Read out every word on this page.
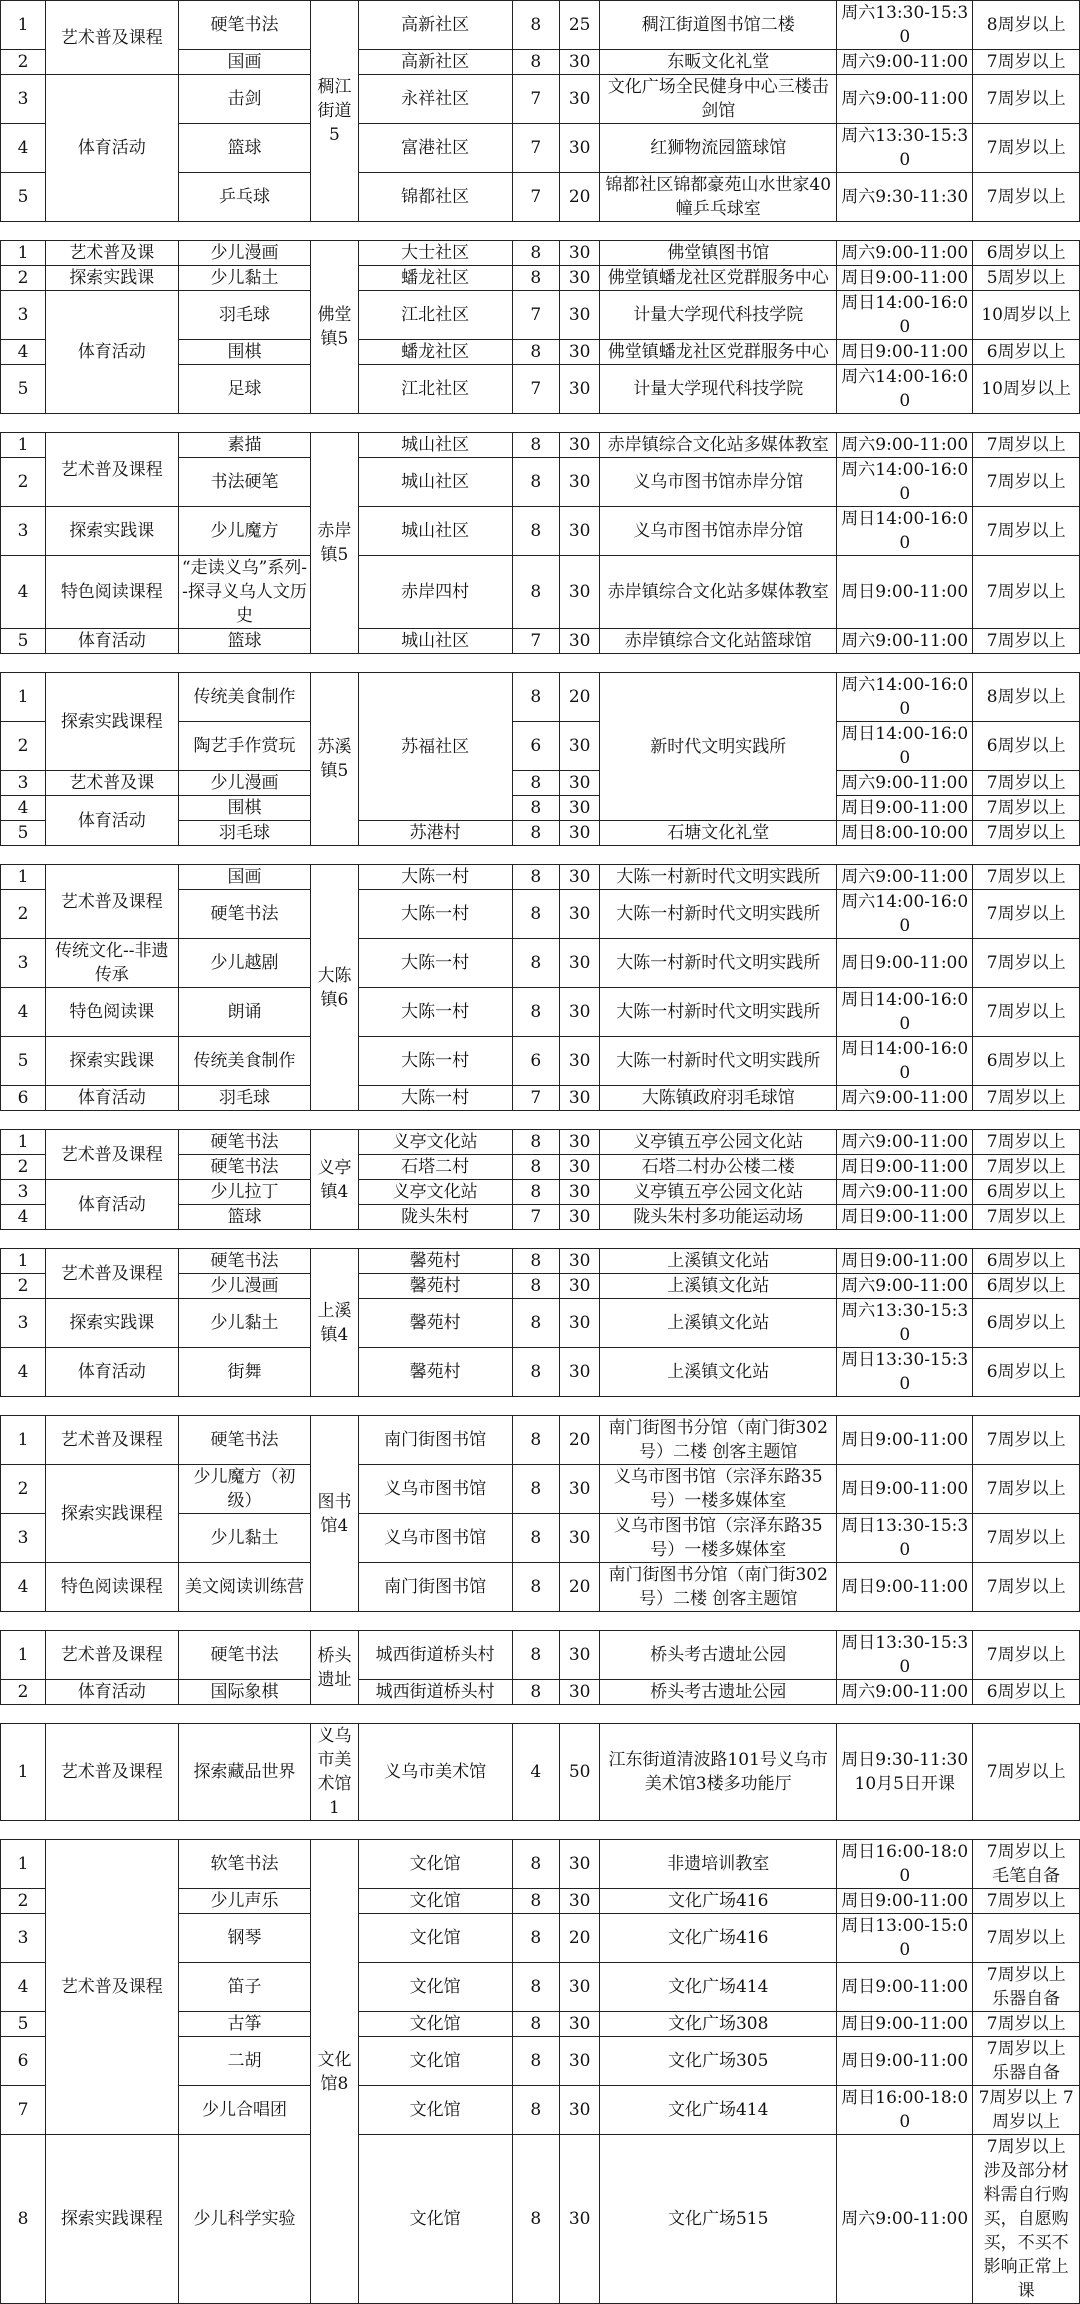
1	艺术普及课程	硬笔书法	稠江街道5	高新社区	8	25	稠江街道图书馆二楼	周六13:30-15:30	8周岁以上
2		国画		高新社区	8	30	东畈文化礼堂	周六9:00-11:00	7周岁以上
3	体育活动	击剑		永祥社区	7	30	文化广场全民健身中心三楼击剑馆	周六9:00-11:00	7周岁以上
4		篮球		富港社区	7	30	红狮物流园篮球馆	周六13:30-15:30	7周岁以上
5		乒乓球		锦都社区	7	20	锦都社区锦都豪苑山水世家40幢乒乓球室	周六9:30-11:30	7周岁以上
1	艺术普及课	少儿漫画	佛堂镇5	大士社区	8	30	佛堂镇图书馆	周六9:00-11:00	6周岁以上
2	探索实践课	少儿黏土		蟠龙社区	8	30	佛堂镇蟠龙社区党群服务中心	周日9:00-11:00	5周岁以上
3	体育活动	羽毛球		江北社区	7	30	计量大学现代科技学院	周日14:00-16:00	10周岁以上
4		围棋		蟠龙社区	8	30	佛堂镇蟠龙社区党群服务中心	周日9:00-11:00	6周岁以上
5		足球		江北社区	7	30	计量大学现代科技学院	周六14:00-16:00	10周岁以上
1	艺术普及课程	素描	赤岸镇5	城山社区	8	30	赤岸镇综合文化站多媒体教室	周六9:00-11:00	7周岁以上
2		书法硬笔		城山社区	8	30	义乌市图书馆赤岸分馆	周六14:00-16:00	7周岁以上
3	探索实践课	少儿魔方		城山社区	8	30	义乌市图书馆赤岸分馆	周日14:00-16:00	7周岁以上
4	特色阅读课程	“走读义乌”系列--探寻义乌人文历史		赤岸四村	8	30	赤岸镇综合文化站多媒体教室	周日9:00-11:00	7周岁以上
5	体育活动	篮球		城山社区	7	30	赤岸镇综合文化站篮球馆	周六9:00-11:00	7周岁以上
1	探索实践课程	传统美食制作	苏溪镇5	苏福社区	8	20	新时代文明实践所	周六14:00-16:00	8周岁以上
2		陶艺手作赏玩			6	30		周日14:00-16:00	6周岁以上
3	艺术普及课	少儿漫画			8	30		周六9:00-11:00	7周岁以上
4	体育活动	围棋			8	30		周日9:00-11:00	7周岁以上
5		羽毛球		苏港村	8	30	石塘文化礼堂	周日8:00-10:00	7周岁以上
1	艺术普及课程	国画	大陈镇6	大陈一村	8	30	大陈一村新时代文明实践所	周六9:00-11:00	7周岁以上
2		硬笔书法		大陈一村	8	30	大陈一村新时代文明实践所	周六14:00-16:00	7周岁以上
3	传统文化--非遗传承	少儿越剧		大陈一村	8	30	大陈一村新时代文明实践所	周日9:00-11:00	7周岁以上
4	特色阅读课	朗诵		大陈一村	8	30	大陈一村新时代文明实践所	周日14:00-16:00	7周岁以上
5	探索实践课	传统美食制作		大陈一村	6	30	大陈一村新时代文明实践所	周日14:00-16:00	6周岁以上
6	体育活动	羽毛球		大陈一村	7	30	大陈镇政府羽毛球馆	周六9:00-11:00	7周岁以上
1	艺术普及课程	硬笔书法	义亭镇4	义亭文化站	8	30	义亭镇五亭公园文化站	周六9:00-11:00	7周岁以上
2		硬笔书法		石塔二村	8	30	石塔二村办公楼二楼	周日9:00-11:00	7周岁以上
3	体育活动	少儿拉丁		义亭文化站	8	30	义亭镇五亭公园文化站	周六9:00-11:00	6周岁以上
4		篮球		陇头朱村	7	30	陇头朱村多功能运动场	周日9:00-11:00	7周岁以上
1	艺术普及课程	硬笔书法	上溪镇4	馨苑村	8	30	上溪镇文化站	周日9:00-11:00	6周岁以上
2		少儿漫画		馨苑村	8	30	上溪镇文化站	周六9:00-11:00	6周岁以上
3	探索实践课	少儿黏土		馨苑村	8	30	上溪镇文化站	周六13:30-15:30	6周岁以上
4	体育活动	街舞		馨苑村	8	30	上溪镇文化站	周日13:30-15:30	6周岁以上
1	艺术普及课程	硬笔书法	图书馆4	南门街图书馆	8	20	南门街图书分馆（南门街302号）二楼 创客主题馆	周日9:00-11:00	7周岁以上
2	探索实践课程	少儿魔方（初级）		义乌市图书馆	8	30	义乌市图书馆（宗泽东路35号）一楼多媒体室	周日9:00-11:00	7周岁以上
3		少儿黏土		义乌市图书馆	8	30	义乌市图书馆（宗泽东路35号）一楼多媒体室	周日13:30-15:30	7周岁以上
4	特色阅读课程	美文阅读训练营		南门街图书馆	8	20	南门街图书分馆（南门街302号）二楼 创客主题馆	周日9:00-11:00	7周岁以上
1	艺术普及课程	硬笔书法	桥头遗址	城西街道桥头村	8	30	桥头考古遗址公园	周日13:30-15:30	7周岁以上
2	体育活动	国际象棋		城西街道桥头村	8	30	桥头考古遗址公园	周六9:00-11:00	6周岁以上
1	艺术普及课程	探索藏品世界	义乌市美术馆1	义乌市美术馆	4	50	江东街道清波路101号义乌市美术馆3楼多功能厅	周日9:30-11:30 10月5日开课	7周岁以上
1	艺术普及课程	软笔书法	文化馆8	文化馆	8	30	非遗培训教室	周日16:00-18:00	7周岁以上 毛笔自备
2		少儿声乐		文化馆	8	30	文化广场416	周日9:00-11:00	7周岁以上
3		钢琴		文化馆	8	20	文化广场416	周日13:00-15:00	7周岁以上
4		笛子		文化馆	8	30	文化广场414	周日9:00-11:00	7周岁以上 乐器自备
5		古筝		文化馆	8	30	文化广场308	周日9:00-11:00	7周岁以上
6		二胡		文化馆	8	30	文化广场305	周日9:00-11:00	7周岁以上 乐器自备
7		少儿合唱团		文化馆	8	30	文化广场414	周日16:00-18:00	7周岁以上 7周岁以上
8	探索实践课程	少儿科学实验		文化馆	8	30	文化广场515	周六9:00-11:00	7周岁以上 涉及部分材料需自行购买，自愿购买，不买不影响正常上课
